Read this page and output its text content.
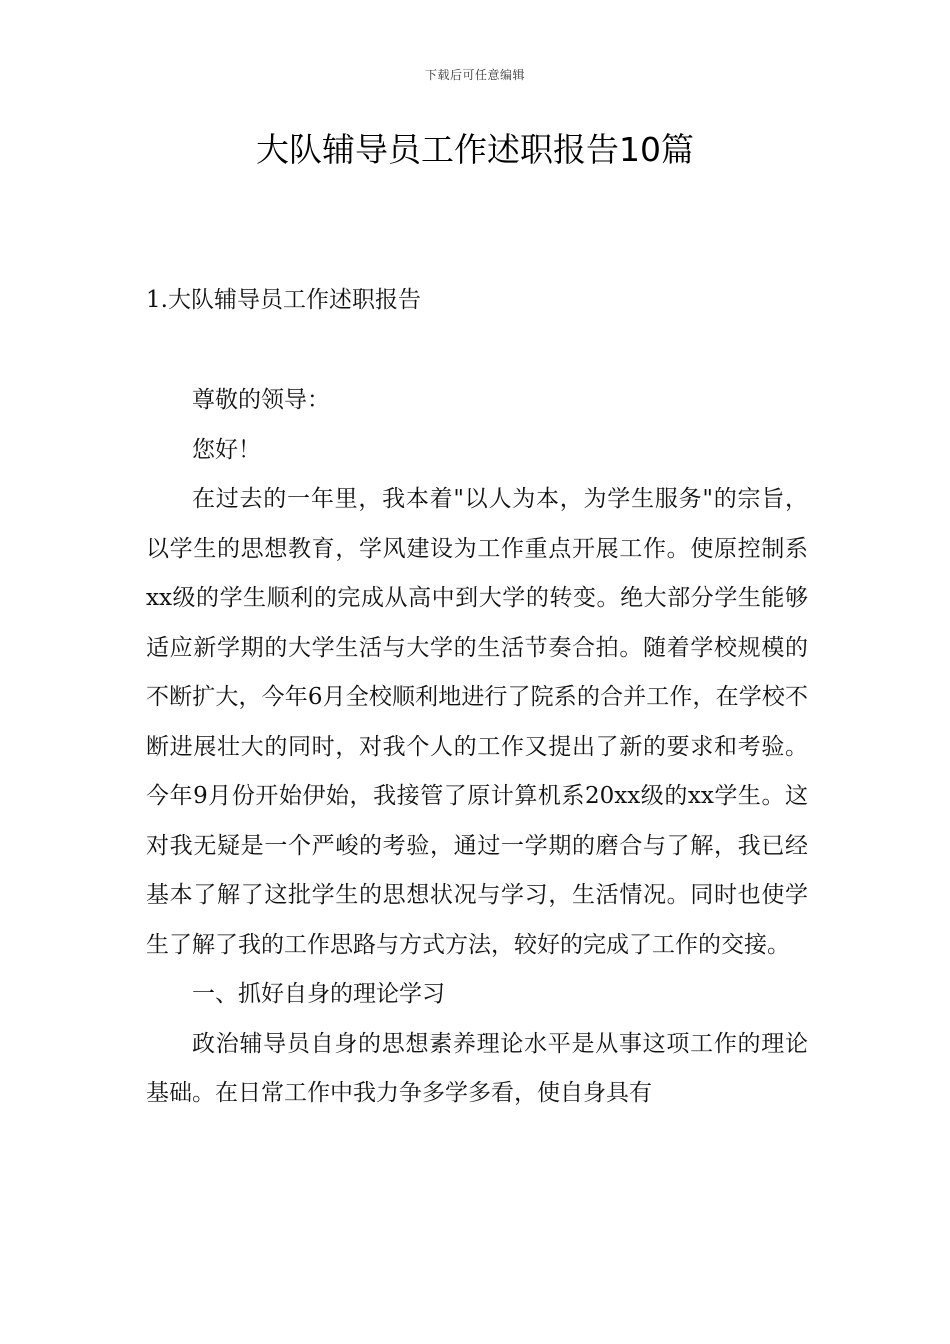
下载后可任意编辑
大队辅导员工作述职报告10篇
1.大队辅导员工作述职报告

尊敬的领导：

您好！

在过去的一年里，我本着"以人为本，为学生服务"的宗旨，以学生的思想教育，学风建设为工作重点开展工作。使原控制系xx级的学生顺利的完成从高中到大学的转变。绝大部分学生能够适应新学期的大学生活与大学的生活节奏合拍。随着学校规模的不断扩大，今年6月全校顺利地进行了院系的合并工作，在学校不断进展壮大的同时，对我个人的工作又提出了新的要求和考验。今年9月份开始伊始，我接管了原计算机系20xx级的xx学生。这对我无疑是一个严峻的考验，通过一学期的磨合与了解，我已经基本了解了这批学生的思想状况与学习，生活情况。同时也使学生了解了我的工作思路与方式方法，较好的完成了工作的交接。

一、抓好自身的理论学习

政治辅导员自身的思想素养理论水平是从事这项工作的理论基础。在日常工作中我力争多学多看，使自身具有
